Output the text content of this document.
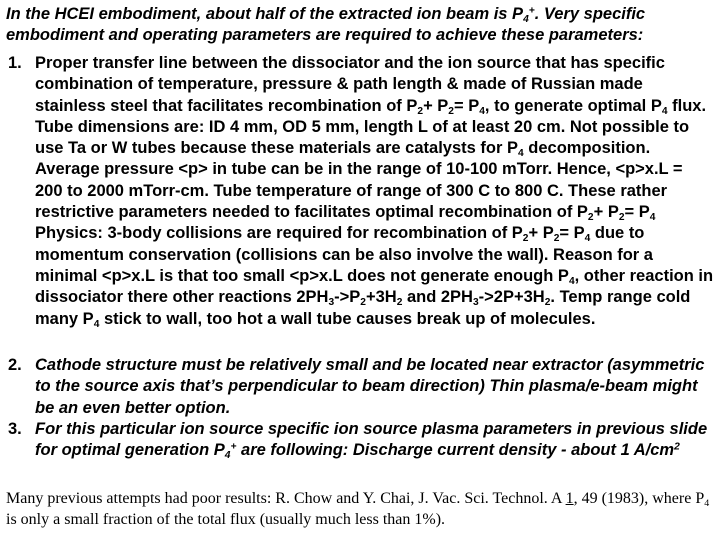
In the HCEI embodiment, about half of the extracted ion beam is $P_4^+$. Very specific embodiment and operating parameters are required to achieve these parameters:

1. Proper transfer line between the dissociator and the ion source that has specific combination of temperature, pressure & path length & made of Russian made stainless steel that facilitates recombination of $P_2+ P_2= P_4$, to generate optimal $P_4$ flux. Tube dimensions are: ID 4 mm, OD 5 mm, length L of at least 20 cm. Not possible to use Ta or W tubes because these materials are catalysts for $P_4$ decomposition. Average pressure <p> in tube can be in the range of 10-100 mTorr. Hence, <p>x.L = 200 to 2000 mTorr-cm. Tube temperature of range of 300 C to 800 C. These rather restrictive parameters needed to facilitates optimal recombination of $P_2+ P_2= P_4$ Physics: 3-body collisions are required for recombination of $P_2+ P_2= P_4$ due to momentum conservation (collisions can be also involve the wall). Reason for a minimal <p>x.L is that too small <p>x.L does not generate enough $P_4$, other reaction in dissociator there other reactions $2PH_3->P_2+3H_2$ and $2PH_3->2P+3H_2$. Temp range cold many $P_4$ stick to wall, too hot a wall tube causes break up of molecules.
2. Cathode structure must be relatively small and be located near extractor (asymmetric to the source axis that’s perpendicular to beam direction) Thin plasma/e-beam might be an even better option.
3. For this particular ion source specific ion source plasma parameters in previous slide for optimal generation $P_4^+$ are following: Discharge current density - about 1 $A/cm^2$
Many previous attempts had poor results: R. Chow and Y. Chai, J. Vac. Sci. Technol. A 1, 49 (1983), where $P_4$ is only a small fraction of the total flux (usually much less than 1%).
